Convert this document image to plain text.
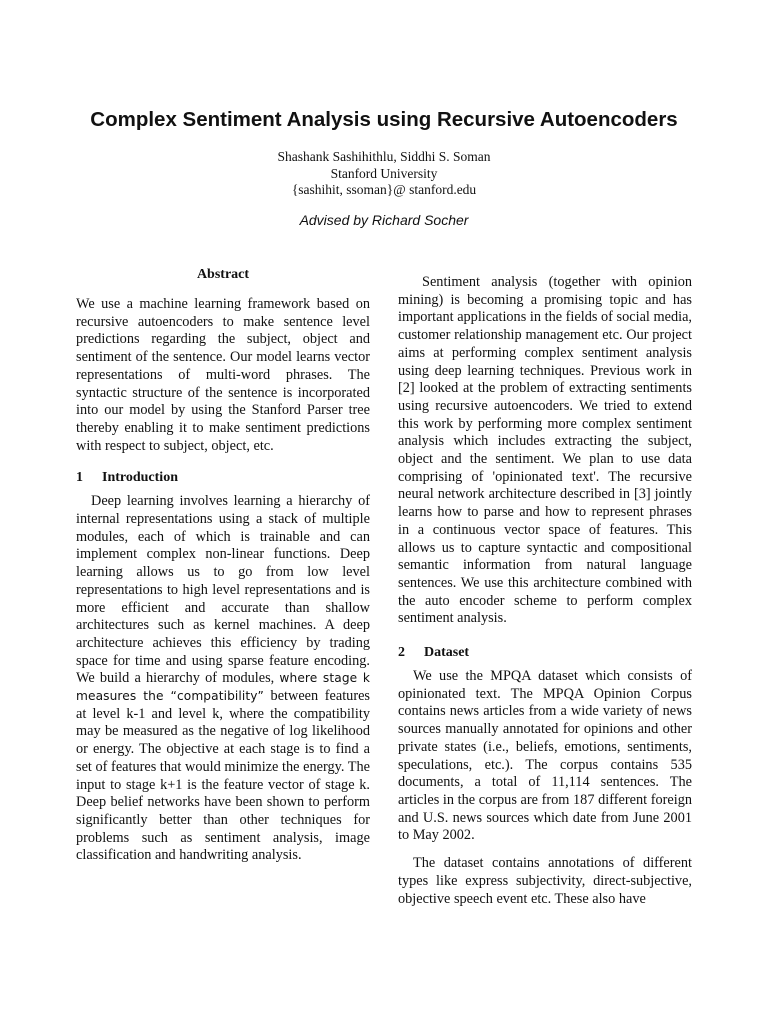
Complex Sentiment Analysis using Recursive Autoencoders

Shashank Sashihithlu, Siddhi S. Soman

Stanford University

{sashihit, ssoman}@ stanford.edu

Advised by Richard Socher

Abstract

We use a machine learning framework based on recursive autoencoders to make sentence level predictions regarding the subject, object and sentiment of the sentence. Our model learns vector representations of multi-word phrases. The syntactic structure of the sentence is incorporated into our model by using the Stanford Parser tree thereby enabling it to make sentiment predictions with respect to subject, object, etc.

1	Introduction

Deep learning involves learning a hierarchy of internal representations using a stack of multiple modules, each of which is trainable and can implement complex non-linear functions. Deep learning allows us to go from low level representations to high level representations and is more efficient and accurate than shallow architectures such as kernel machines. A deep architecture achieves this efficiency by trading space for time and using sparse feature encoding. We build a hierarchy of modules, where stage k measures the “compatibility” between features at level k-1 and level k, where the compatibility may be measured as the negative of log likelihood or energy. The objective at each stage is to find a set of features that would minimize the energy. The input to stage k+1 is the feature vector of stage k. Deep belief networks have been shown to perform significantly better than other techniques for problems such as sentiment analysis, image classification and handwriting analysis.

Sentiment analysis (together with opinion mining) is becoming a promising topic and has important applications in the fields of social media, customer relationship management etc. Our project aims at performing complex sentiment analysis using deep learning techniques. Previous work in [2] looked at the problem of extracting sentiments using recursive autoencoders. We tried to extend this work by performing more complex sentiment analysis which includes extracting the subject, object and the sentiment. We plan to use data comprising of 'opinionated text'. The recursive neural network architecture described in [3] jointly learns how to parse and how to represent phrases in a continuous vector space of features. This allows us to capture syntactic and compositional semantic information from natural language sentences. We use this architecture combined with the auto encoder scheme to perform complex sentiment analysis.

2	Dataset

We use the MPQA dataset which consists of opinionated text. The MPQA Opinion Corpus contains news articles from a wide variety of news sources manually annotated for opinions and other private states (i.e., beliefs, emotions, sentiments, speculations, etc.). The corpus contains 535 documents, a total of 11,114 sentences. The articles in the corpus are from 187 different foreign and U.S. news sources which date from June 2001 to May 2002.

The dataset contains annotations of different types like express subjectivity, direct-subjective, objective speech event etc. These also have
